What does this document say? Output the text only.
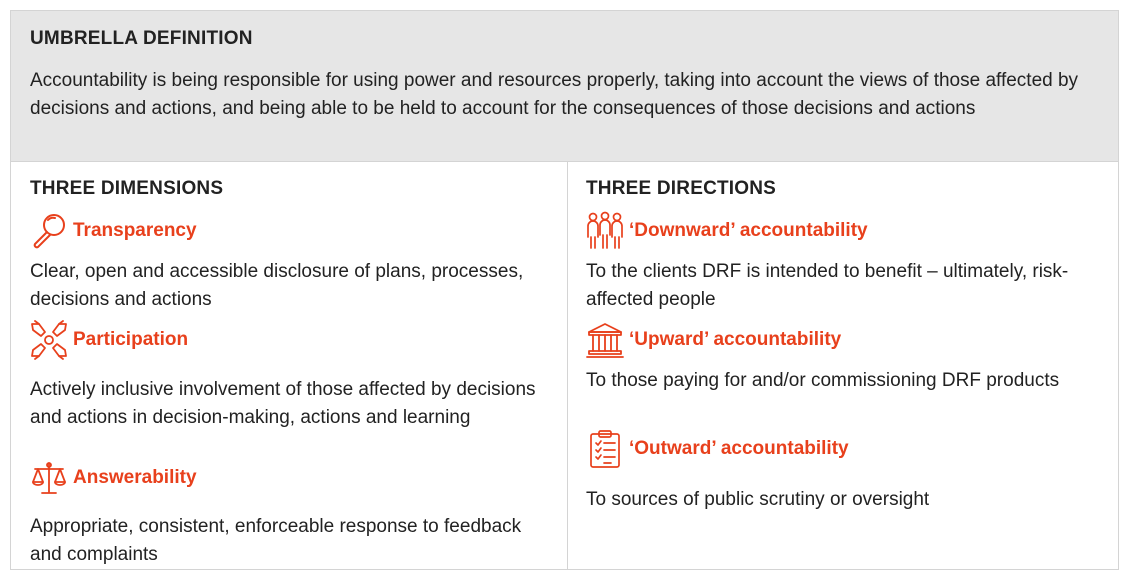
UMBRELLA DEFINITION
Accountability is being responsible for using power and resources properly, taking into account the views of those affected by decisions and actions, and being able to be held to account for the consequences of those decisions and actions
THREE DIMENSIONS
Transparency
Clear, open and accessible disclosure of plans, processes, decisions and actions
Participation
Actively inclusive involvement of those affected by decisions and actions in decision-making, actions and learning
Answerability
Appropriate, consistent, enforceable response to feedback and complaints
THREE DIRECTIONS
‘Downward’ accountability
To the clients DRF is intended to benefit – ultimately, risk-affected people
‘Upward’ accountability
To those paying for and/or commissioning DRF products
‘Outward’ accountability
To sources of public scrutiny or oversight
